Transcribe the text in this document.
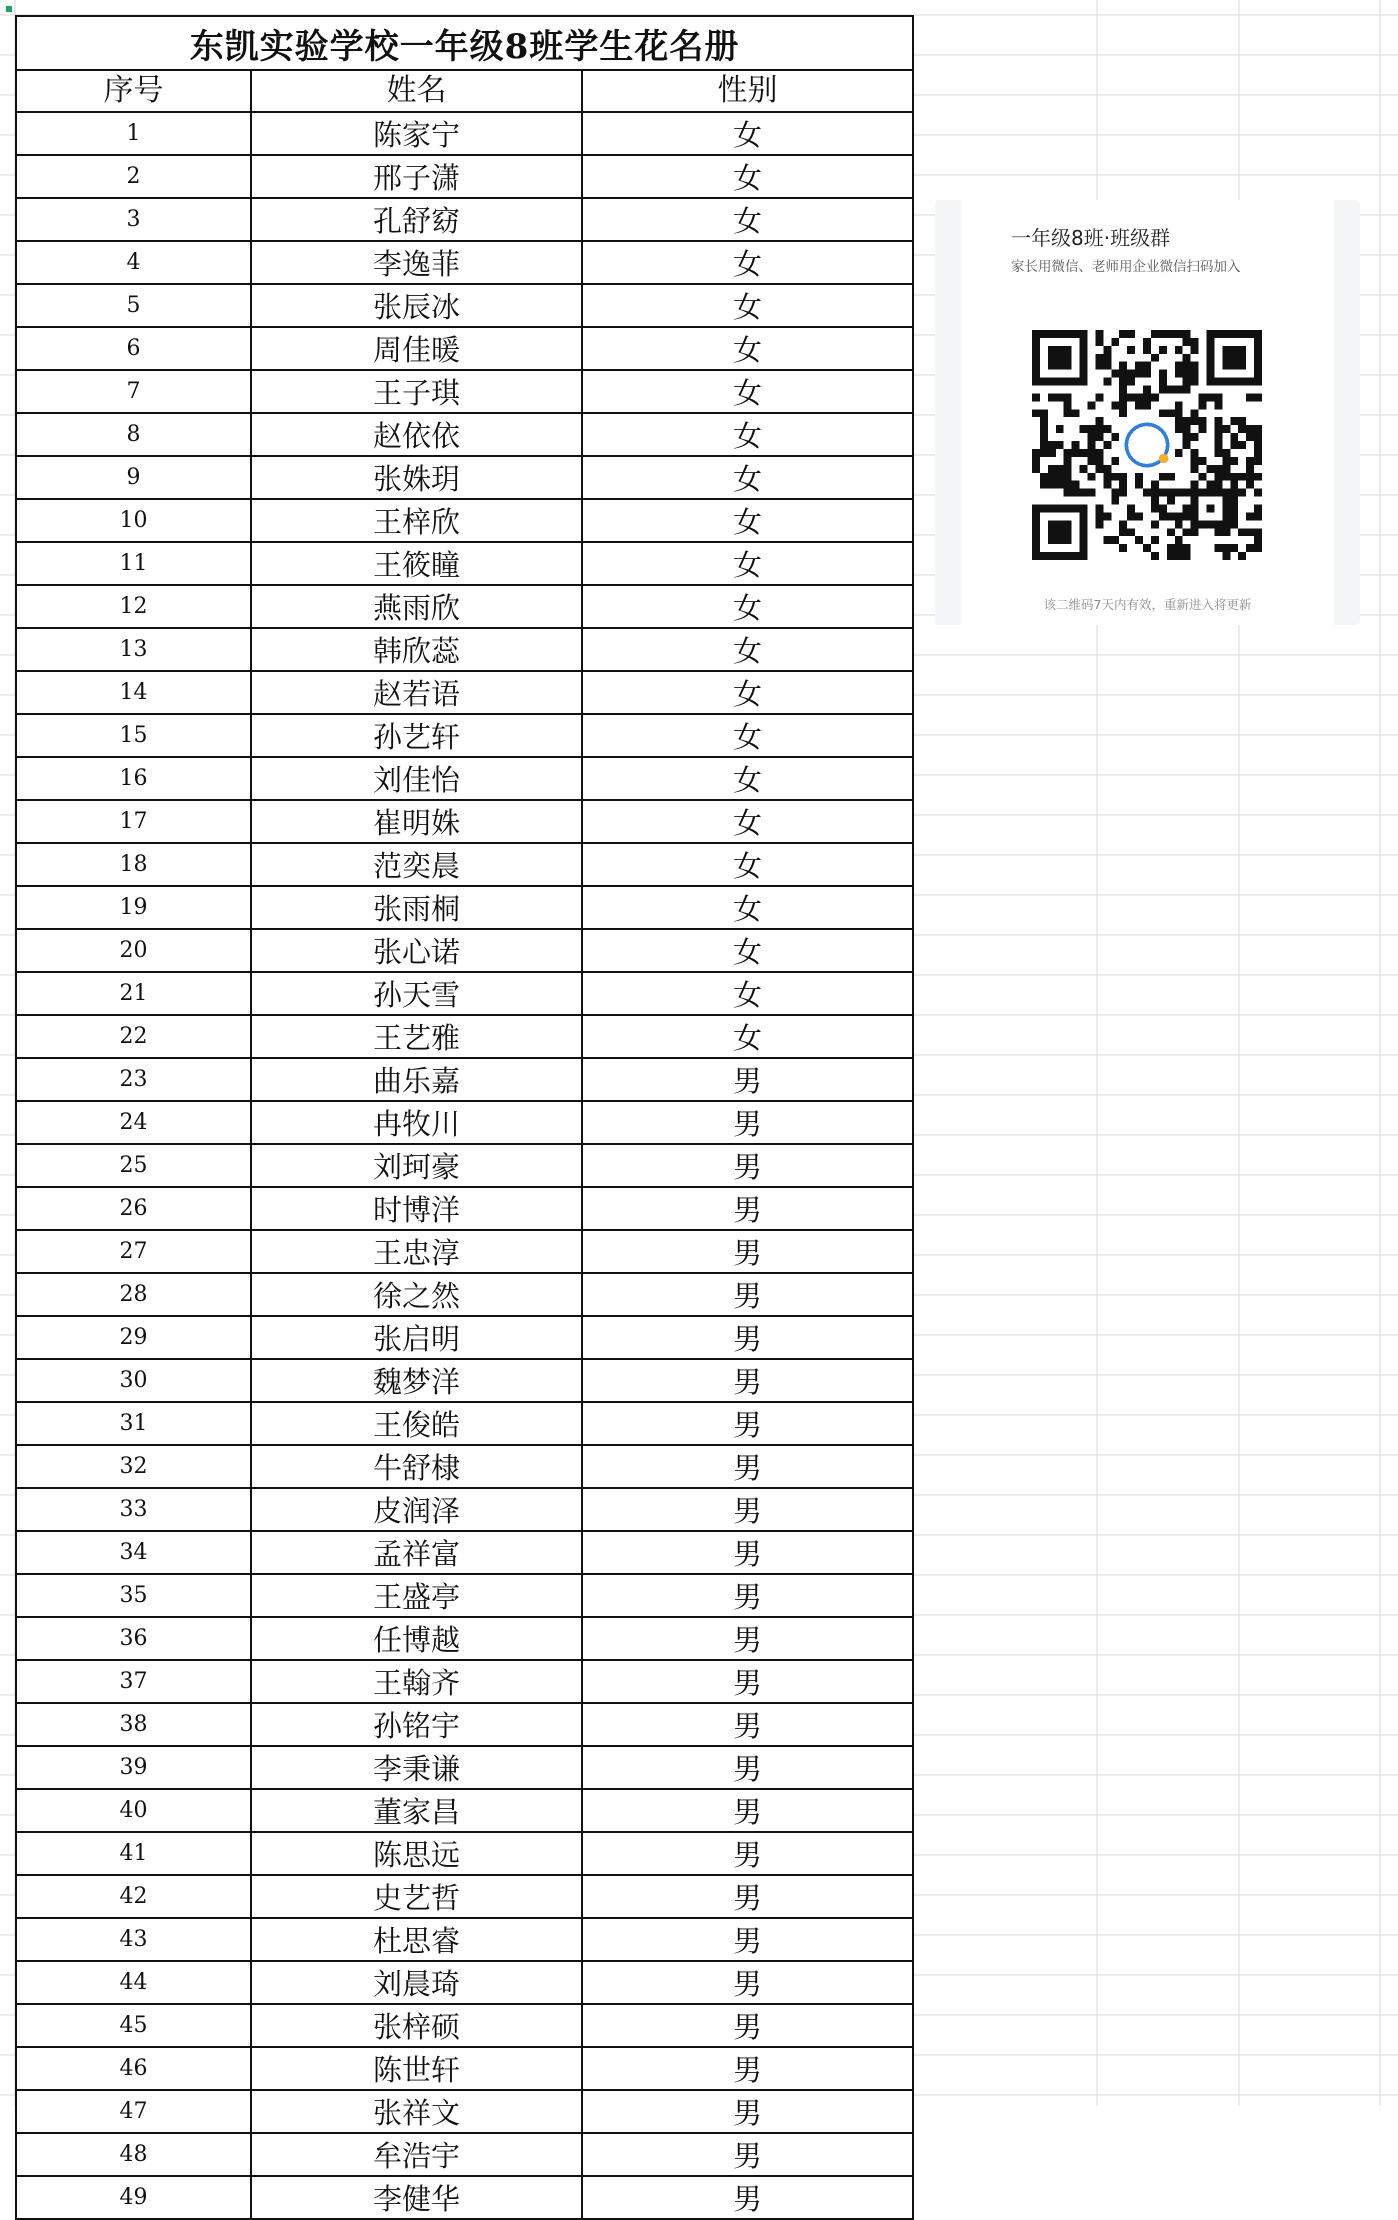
东凯实验学校一年级8班学生花名册		
序号	姓名	性别
1	陈家宁	女
2	邢子潇	女
3	孔舒窈	女
4	李逸菲	女
5	张辰冰	女
6	周佳暖	女
7	王子琪	女
8	赵依依	女
9	张姝玥	女
10	王梓欣	女
11	王筱瞳	女
12	燕雨欣	女
13	韩欣蕊	女
14	赵若语	女
15	孙艺轩	女
16	刘佳怡	女
17	崔明姝	女
18	范奕晨	女
19	张雨桐	女
20	张心诺	女
21	孙天雪	女
22	王艺雅	女
23	曲乐嘉	男
24	冉牧川	男
25	刘珂豪	男
26	时博洋	男
27	王忠淳	男
28	徐之然	男
29	张启明	男
30	魏梦洋	男
31	王俊皓	男
32	牛舒棣	男
33	皮润泽	男
34	孟祥富	男
35	王盛亭	男
36	任博越	男
37	王翰齐	男
38	孙铭宇	男
39	李秉谦	男
40	董家昌	男
41	陈思远	男
42	史艺哲	男
43	杜思睿	男
44	刘晨琦	男
45	张梓硕	男
46	陈世轩	男
47	张祥文	男
48	牟浩宇	男
49	李健华	男
一年级8班·班级群
家长用微信、老师用企业微信扫码加入
该二维码7天内有效，重新进入将更新
